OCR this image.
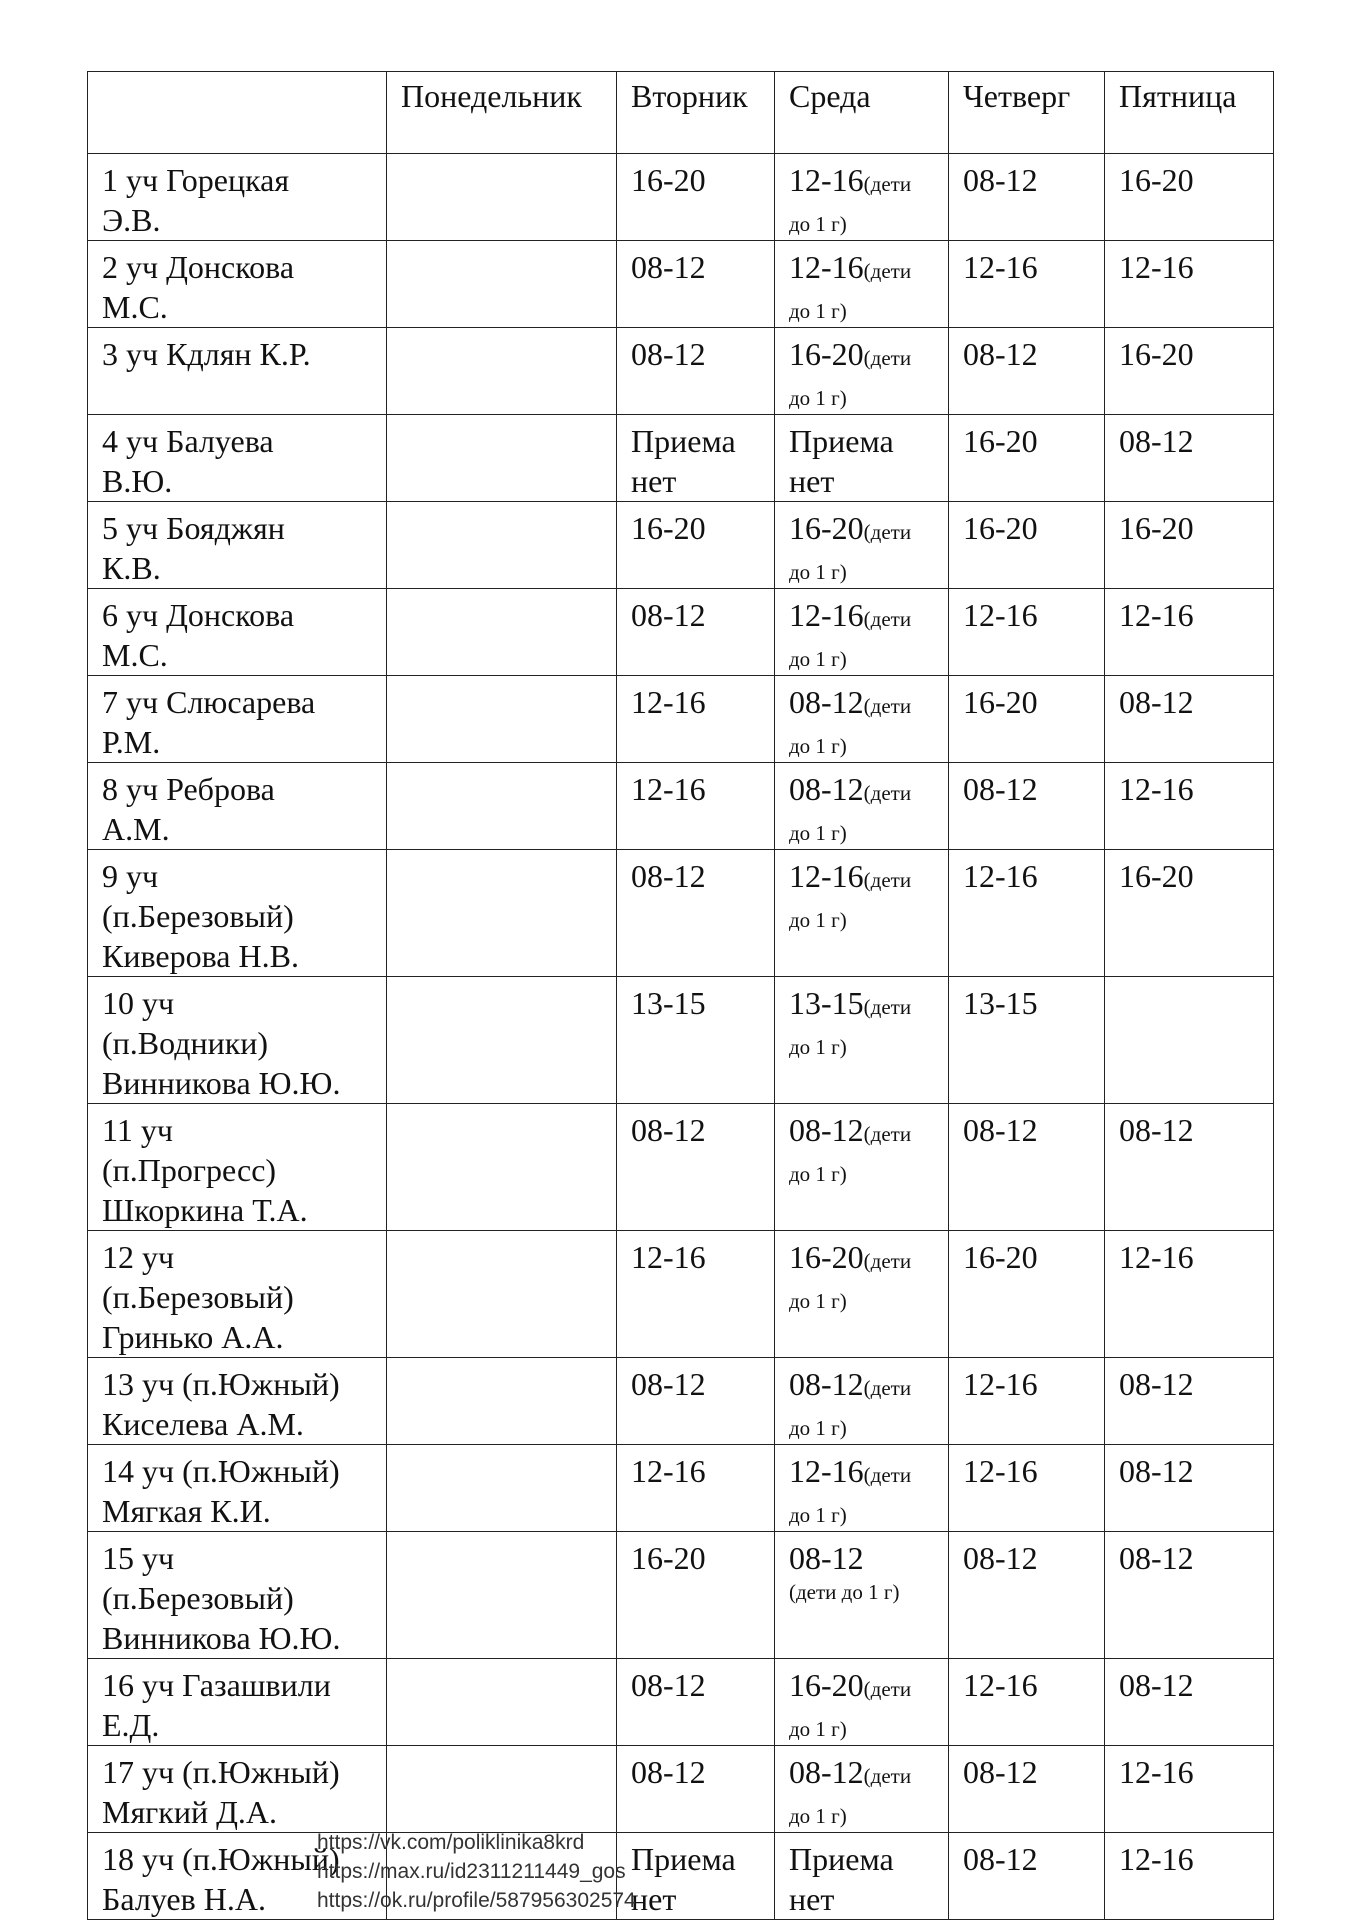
	Понедельник	Вторник	Среда	Четверг	Пятница

1 уч Горецкая
Э.В.		16-20	12-16(дети до 1 г)	08-12	16-20

2 уч Донскова
М.С.		08-12	12-16(дети до 1 г)	12-16	12-16

3 уч Кдлян К.Р.		08-12	16-20(дети до 1 г)	08-12	16-20

4 уч Балуева
В.Ю.		Приема нет	Приема нет	16-20	08-12

5 уч Бояджян
К.В.		16-20	16-20(дети до 1 г)	16-20	16-20

6 уч Донскова
М.С.		08-12	12-16(дети до 1 г)	12-16	12-16

7 уч Слюсарева
Р.М.		12-16	08-12(дети до 1 г)	16-20	08-12

8 уч Реброва
А.М.		12-16	08-12(дети до 1 г)	08-12	12-16

9 уч
(п.Березовый)
Киверова Н.В.		08-12	12-16(дети до 1 г)	12-16	16-20

10 уч
(п.Водники)
Винникова Ю.Ю.		13-15	13-15(дети до 1 г)	13-15	

11 уч
(п.Прогресс)
Шкоркина Т.А.		08-12	08-12(дети до 1 г)	08-12	08-12

12 уч
(п.Березовый)
Гринько А.А.		12-16	16-20(дети до 1 г)	16-20	12-16

13 уч (п.Южный)
Киселева А.М.		08-12	08-12(дети до 1 г)	12-16	08-12

14 уч (п.Южный)
Мягкая К.И.		12-16	12-16(дети до 1 г)	12-16	08-12

15 уч
(п.Березовый)
Винникова Ю.Ю.		16-20	08-12
(дети до 1 г)	08-12	08-12

16 уч Газашвили
Е.Д.		08-12	16-20(дети до 1 г)	12-16	08-12

17 уч (п.Южный)
Мягкий Д.А.		08-12	08-12(дети до 1 г)	08-12	12-16

18 уч (п.Южный)
Балуев Н.А.		Приема нет	Приема нет	08-12	12-16
https://vk.com/poliklinika8krd
https://max.ru/id2311211449_gos
https://ok.ru/profile/587956302574
